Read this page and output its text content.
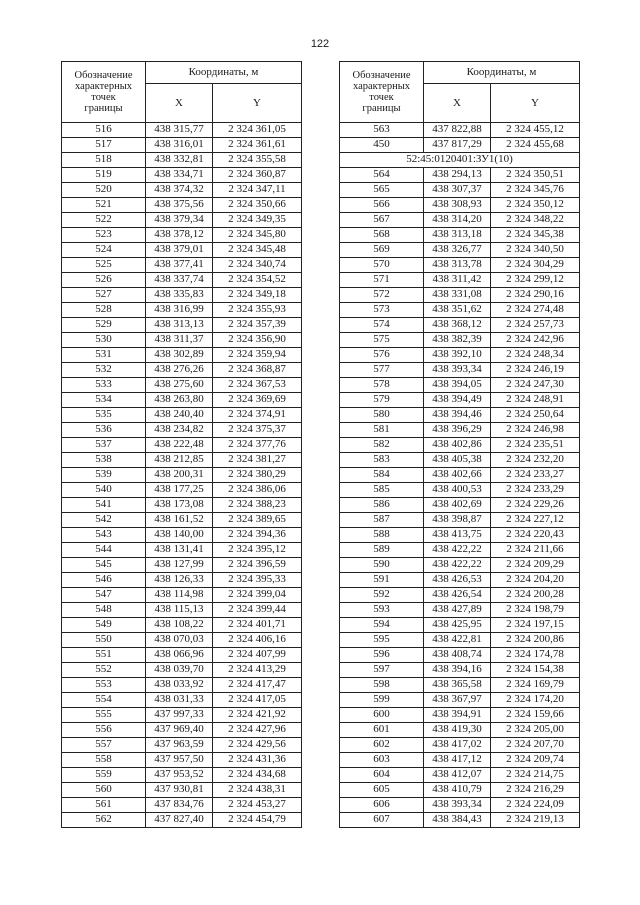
122
Обозначение
характерных
точек
границы	Координаты, м	
	X	Y
516	438 315,77	2 324 361,05
517	438 316,01	2 324 361,61
518	438 332,81	2 324 355,58
519	438 334,71	2 324 360,87
520	438 374,32	2 324 347,11
521	438 375,56	2 324 350,66
522	438 379,34	2 324 349,35
523	438 378,12	2 324 345,80
524	438 379,01	2 324 345,48
525	438 377,41	2 324 340,74
526	438 337,74	2 324 354,52
527	438 335,83	2 324 349,18
528	438 316,99	2 324 355,93
529	438 313,13	2 324 357,39
530	438 311,37	2 324 356,90
531	438 302,89	2 324 359,94
532	438 276,26	2 324 368,87
533	438 275,60	2 324 367,53
534	438 263,80	2 324 369,69
535	438 240,40	2 324 374,91
536	438 234,82	2 324 375,37
537	438 222,48	2 324 377,76
538	438 212,85	2 324 381,27
539	438 200,31	2 324 380,29
540	438 177,25	2 324 386,06
541	438 173,08	2 324 388,23
542	438 161,52	2 324 389,65
543	438 140,00	2 324 394,36
544	438 131,41	2 324 395,12
545	438 127,99	2 324 396,59
546	438 126,33	2 324 395,33
547	438 114,98	2 324 399,04
548	438 115,13	2 324 399,44
549	438 108,22	2 324 401,71
550	438 070,03	2 324 406,16
551	438 066,96	2 324 407,99
552	438 039,70	2 324 413,29
553	438 033,92	2 324 417,47
554	438 031,33	2 324 417,05
555	437 997,33	2 324 421,92
556	437 969,40	2 324 427,96
557	437 963,59	2 324 429,56
558	437 957,50	2 324 431,36
559	437 953,52	2 324 434,68
560	437 930,81	2 324 438,31
561	437 834,76	2 324 453,27
562	437 827,40	2 324 454,79
Обозначение
характерных
точек
границы	Координаты, м	
	X	Y
563	437 822,88	2 324 455,12
450	437 817,29	2 324 455,68
52:45:0120401:ЗУ1(10)		
564	438 294,13	2 324 350,51
565	438 307,37	2 324 345,76
566	438 308,93	2 324 350,12
567	438 314,20	2 324 348,22
568	438 313,18	2 324 345,38
569	438 326,77	2 324 340,50
570	438 313,78	2 324 304,29
571	438 311,42	2 324 299,12
572	438 331,08	2 324 290,16
573	438 351,62	2 324 274,48
574	438 368,12	2 324 257,73
575	438 382,39	2 324 242,96
576	438 392,10	2 324 248,34
577	438 393,34	2 324 246,19
578	438 394,05	2 324 247,30
579	438 394,49	2 324 248,91
580	438 394,46	2 324 250,64
581	438 396,29	2 324 246,98
582	438 402,86	2 324 235,51
583	438 405,38	2 324 232,20
584	438 402,66	2 324 233,27
585	438 400,53	2 324 233,29
586	438 402,69	2 324 229,26
587	438 398,87	2 324 227,12
588	438 413,75	2 324 220,43
589	438 422,22	2 324 211,66
590	438 422,22	2 324 209,29
591	438 426,53	2 324 204,20
592	438 426,54	2 324 200,28
593	438 427,89	2 324 198,79
594	438 425,95	2 324 197,15
595	438 422,81	2 324 200,86
596	438 408,74	2 324 174,78
597	438 394,16	2 324 154,38
598	438 365,58	2 324 169,79
599	438 367,97	2 324 174,20
600	438 394,91	2 324 159,66
601	438 419,30	2 324 205,00
602	438 417,02	2 324 207,70
603	438 417,12	2 324 209,74
604	438 412,07	2 324 214,75
605	438 410,79	2 324 216,29
606	438 393,34	2 324 224,09
607	438 384,43	2 324 219,13
